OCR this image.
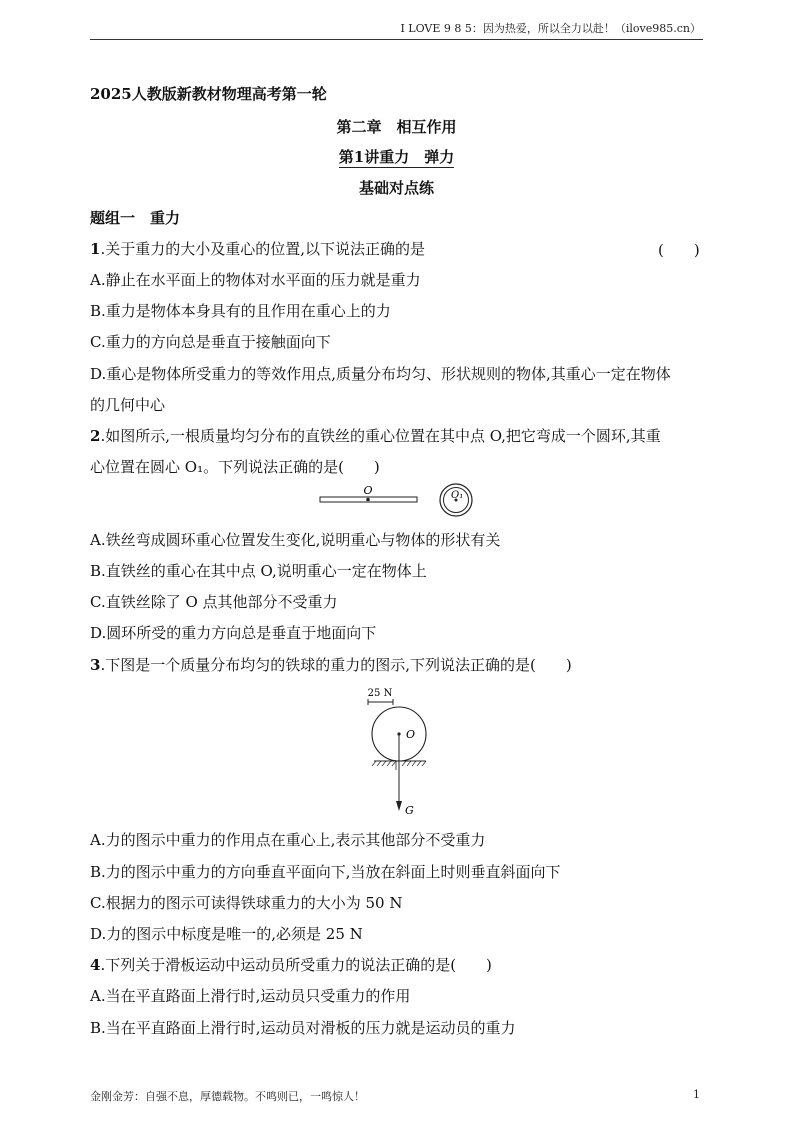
I LOVE 9 8 5：因为热爱，所以全力以赴！（ilove985.cn）
2025人教版新教材物理高考第一轮
第二章　相互作用
第1讲重力　弹力
基础对点练
题组一　重力
1.关于重力的大小及重心的位置,以下说法正确的是	(　　)
A.静止在水平面上的物体对水平面的压力就是重力
B.重力是物体本身具有的且作用在重心上的力
C.重力的方向总是垂直于接触面向下
D.重心是物体所受重力的等效作用点,质量分布均匀、形状规则的物体,其重心一定在物体
的几何中心
2.如图所示,一根质量均匀分布的直铁丝的重心位置在其中点 O,把它弯成一个圆环,其重
心位置在圆心 O₁。下列说法正确的是(　　)
O	O₁
A.铁丝弯成圆环重心位置发生变化,说明重心与物体的形状有关
B.直铁丝的重心在其中点 O,说明重心一定在物体上
C.直铁丝除了 O 点其他部分不受重力
D.圆环所受的重力方向总是垂直于地面向下
3.下图是一个质量分布均匀的铁球的重力的图示,下列说法正确的是(　　)
25 N
O
G
A.力的图示中重力的作用点在重心上,表示其他部分不受重力
B.力的图示中重力的方向垂直平面向下,当放在斜面上时则垂直斜面向下
C.根据力的图示可读得铁球重力的大小为 50 N
D.力的图示中标度是唯一的,必须是 25 N
4.下列关于滑板运动中运动员所受重力的说法正确的是(　　)
A.当在平直路面上滑行时,运动员只受重力的作用
B.当在平直路面上滑行时,运动员对滑板的压力就是运动员的重力
金刚金芳：自强不息，厚德载物。不鸣则已，一鸣惊人！	1
